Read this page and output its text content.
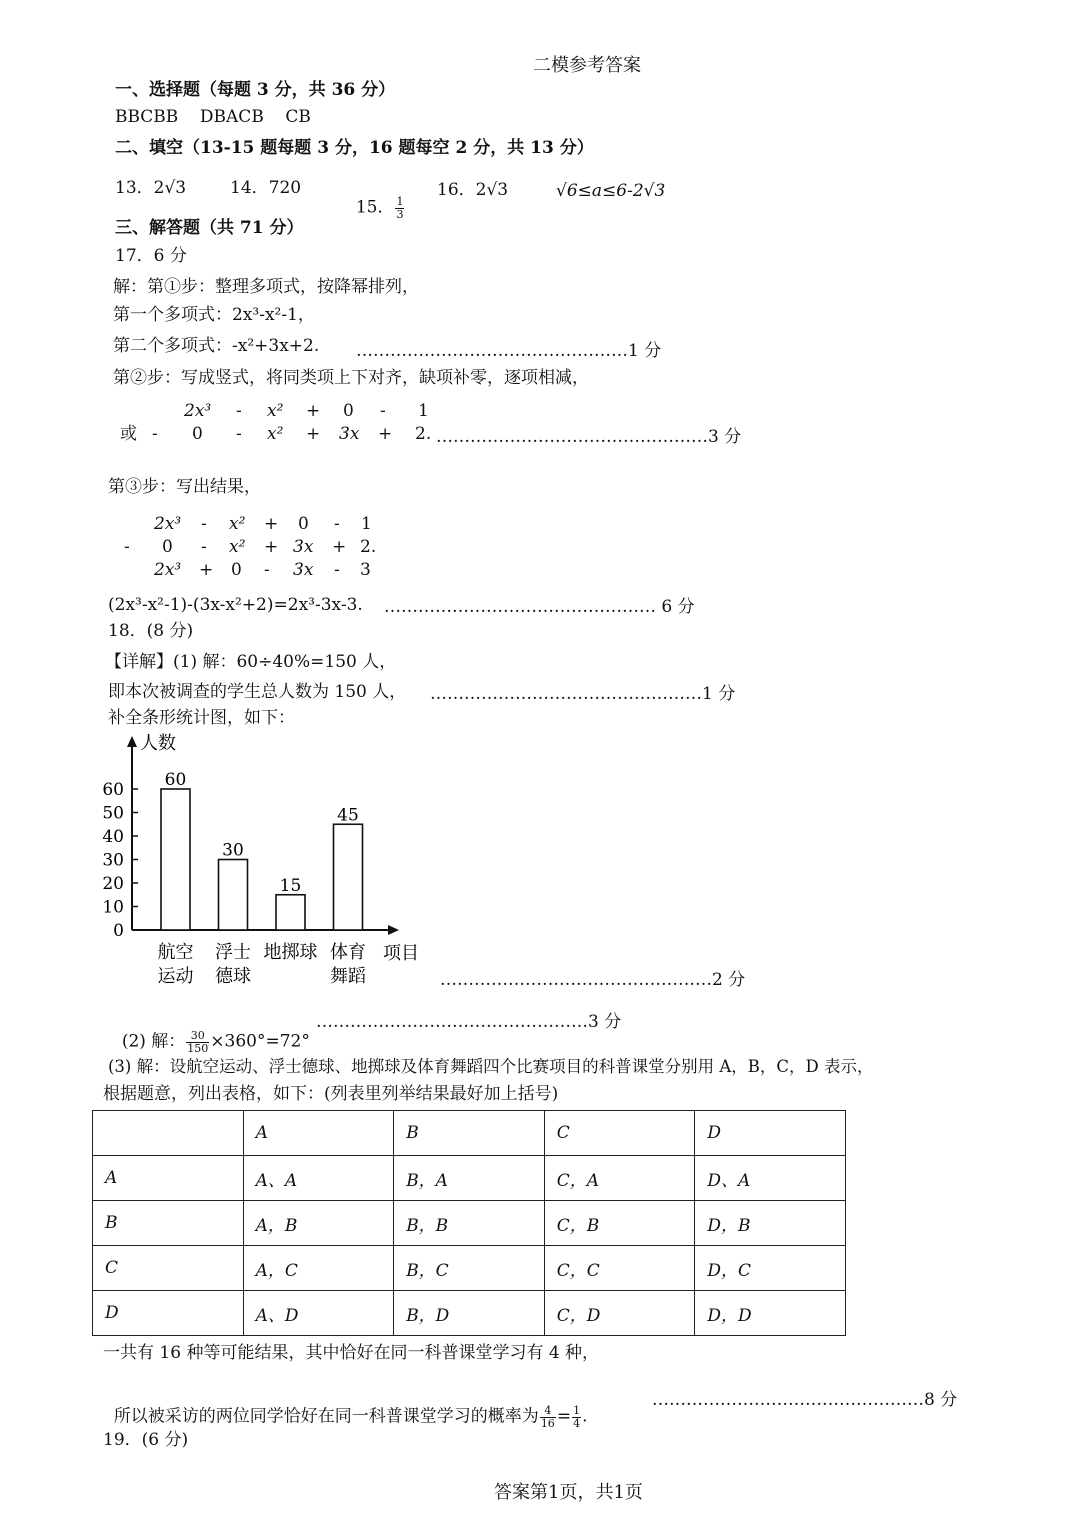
二模参考答案
一、选择题（每题 3 分，共 36 分）
BBCBB    DBACB    CB
二、填空（13-15 题每题 3 分，16 题每空 2 分，共 13 分）
13．2√3	14．720

15． $\frac{1}{3}$

16．2√3	√6≤a≤6-2√3
三、解答题（共 71 分）
17．6 分
解：第①步：整理多项式，按降幂排列，
第一个多项式：2x³-x²-1，
第二个多项式：-x²+3x+2. …………………………………………1 分
第②步：写成竖式，将同类项上下对齐，缺项补零，逐项相减，
2x³ - x² + 0 - 1
或 - 0 - x² + 3x + 2. …………………………………………3 分
第③步：写出结果，
2x³ - x² + 0 - 1
- 0 - x² + 3x + 2.
2x³ + 0 - 3x - 3
(2x³-x²-1)-(3x-x²+2)=2x³-3x-3. ………………………………………… 6 分
18．(8 分)
【详解】(1) 解：60÷40%=150 人，
即本次被调查的学生总人数为 150 人， …………………………………………1 分
补全条形统计图，如下：
人数
项目
0
10
20
30
40
50
60 60
30
15
45
航空
运动
浮士
德球
地掷球 体育
舞蹈	…………………………………………2 分

(2) 解： $\frac{30}{150} \times 360^\circ=72^\circ$

…………………………………………3 分
(3) 解：设航空运动、浮士德球、地掷球及体育舞蹈四个比赛项目的科普课堂分别用 A，B，C，D 表示，
根据题意，列出表格，如下：(列表里列举结果最好加上括号)
	A	B	C	D
A	A、A	B，A	C，A	D、A
B	A，B	B，B	C，B	D，B
C	A，C	B，C	C，C	D，C
D	A、D	B，D	C，D	D，D
一共有 16 种等可能结果，其中恰好在同一科普课堂学习有 4 种，

所以被采访的两位同学恰好在同一科普课堂学习的概率为 $\frac{4}{16} = \frac{1}{4}$ .

…………………………………………8 分
19．(6 分)
答案第1页，共1页
